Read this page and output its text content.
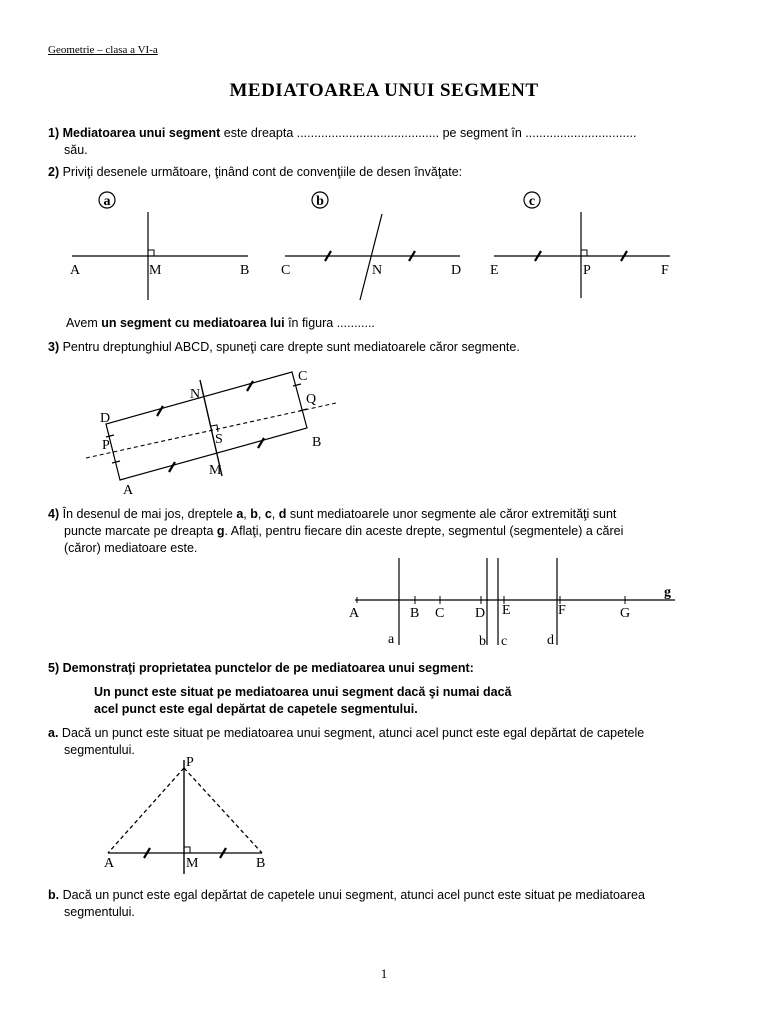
Geometrie – clasa a VI-a
MEDIATOAREA UNUI SEGMENT
1) Mediatoarea unui segment este dreapta ......................................... pe segment în ................................
său.
2) Priviţi desenele următoare, ţinând cont de convenţiile de desen învăţate:
a
A	M	B
b
C	N	D
c
E	P	F
D
P
A
N
S
M
C
Q
B
A	B C D E	F	G
g
a	b c	d
P
A	M	B
Avem un segment cu mediatoarea lui în figura ...........
3) Pentru dreptunghiul ABCD, spuneţi care drepte sunt mediatoarele căror segmente.
4) În desenul de mai jos, dreptele a, b, c, d sunt mediatoarele unor segmente ale căror extremităţi sunt
puncte marcate pe dreapta g. Aflaţi, pentru fiecare din aceste drepte, segmentul (segmentele) a cărei
(căror) mediatoare este.
5) Demonstraţi proprietatea punctelor de pe mediatoarea unui segment:
Un punct este situat pe mediatoarea unui segment dacă şi numai dacă
acel punct este egal depărtat de capetele segmentului.
a. Dacă un punct este situat pe mediatoarea unui segment, atunci acel punct este egal depărtat de capetele
segmentului.
b. Dacă un punct este egal depărtat de capetele unui segment, atunci acel punct este situat pe mediatoarea
segmentului.
1
